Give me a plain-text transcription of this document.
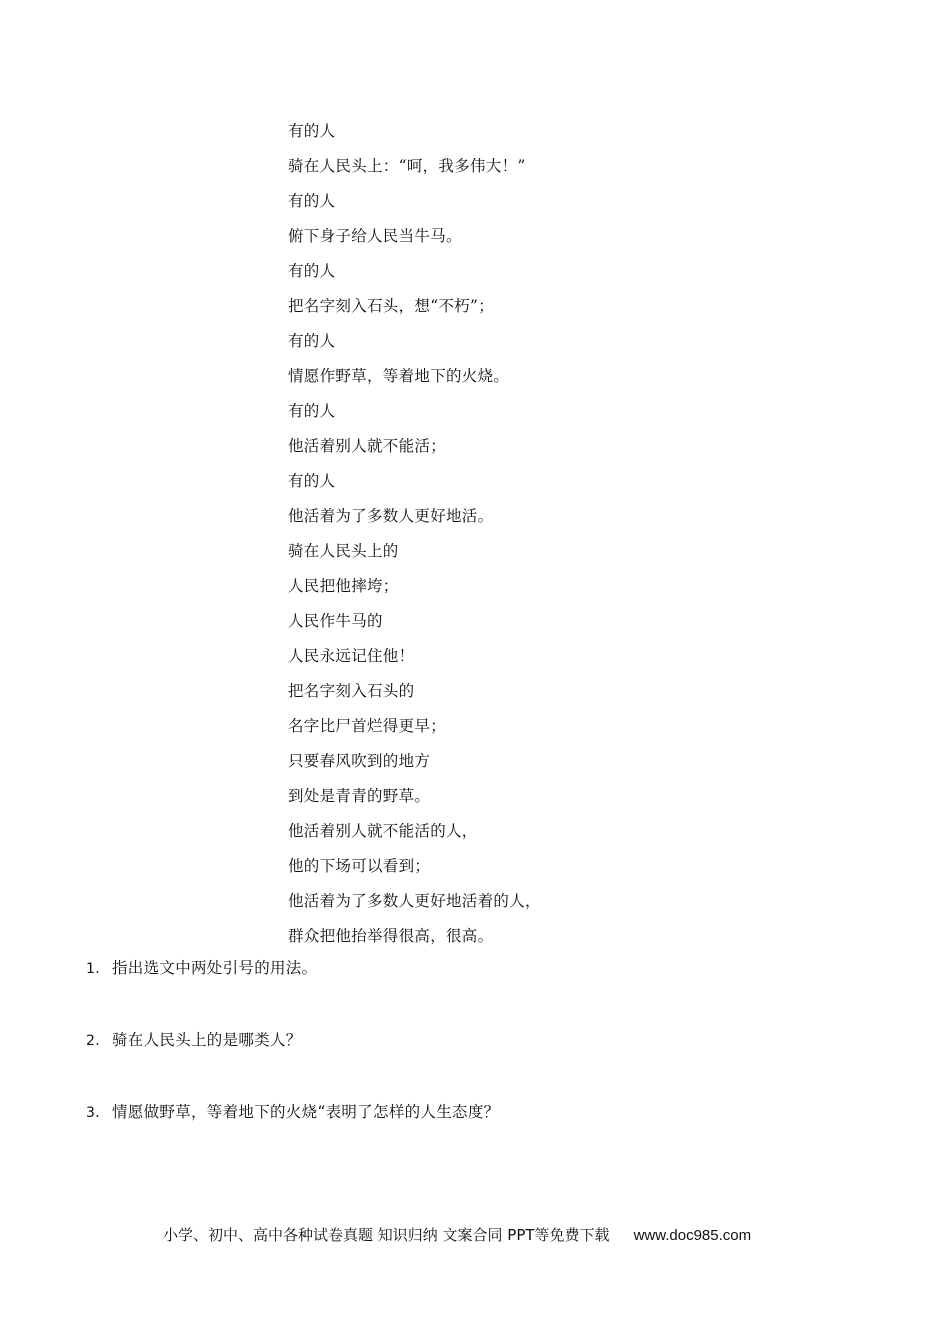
有的人
骑在人民头上：“呵，我多伟大！”
有的人
俯下身子给人民当牛马。
有的人
把名字刻入石头，想“不朽”；
有的人
情愿作野草，等着地下的火烧。
有的人
他活着别人就不能活；
有的人
他活着为了多数人更好地活。
骑在人民头上的
人民把他摔垮；
人民作牛马的
人民永远记住他！
把名字刻入石头的
名字比尸首烂得更早；
只要春风吹到的地方
到处是青青的野草。
他活着别人就不能活的人，
他的下场可以看到；
他活着为了多数人更好地活着的人，
群众把他抬举得很高，很高。
1. 指出选文中两处引号的用法。
2. 骑在人民头上的是哪类人？
3． 情愿做野草，等着地下的火烧“表明了怎样的人生态度？
小学、初中、高中各种试卷真题 知识归纳 文案合同 PPT等免费下载 www.doc985.com
